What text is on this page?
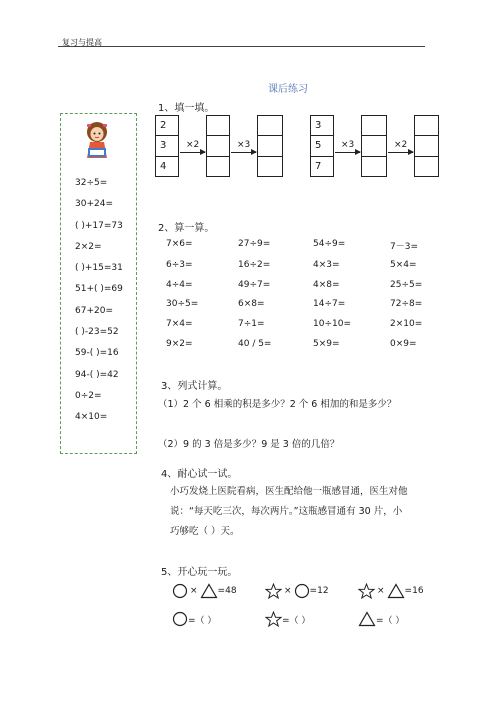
复习与提高
课后练习
32÷5=
30+24=
( )+17=73
2×2=
( )+15=31
51+( )=69
67+20=
( )-23=52
59-( )=16
94-( )=42
0÷2=
4×10=
1、填一填。
2
3
4
×2	×3
3
5
7
×3	×2
2、算一算。
7×6=	27÷9=	54÷9=	7－3=
6÷3=	16÷2=	4×3=	5×4=
4÷4=	49÷7=	4×8=	25÷5=
30÷5=	6×8=	14÷7=	72÷8=
7×4=	7÷1=	10÷10=	2×10=
9×2=	40 / 5=	5×9=	0×9=
3、列式计算。
（1）2 个 6 相乘的积是多少？2 个 6 相加的和是多少？
（2）9 的 3 倍是多少？9 是 3 倍的几倍？
4、耐心试一试。
小巧发烧上医院看病，医生配给他一瓶感冒通，医生对他
说：“每天吃三次，每次两片。”这瓶感冒通有 30 片，小
巧够吃（ ）天。
5、开心玩一玩。
× =48	× =12	× =16
=（ ）	=（ ）	=（ ）
